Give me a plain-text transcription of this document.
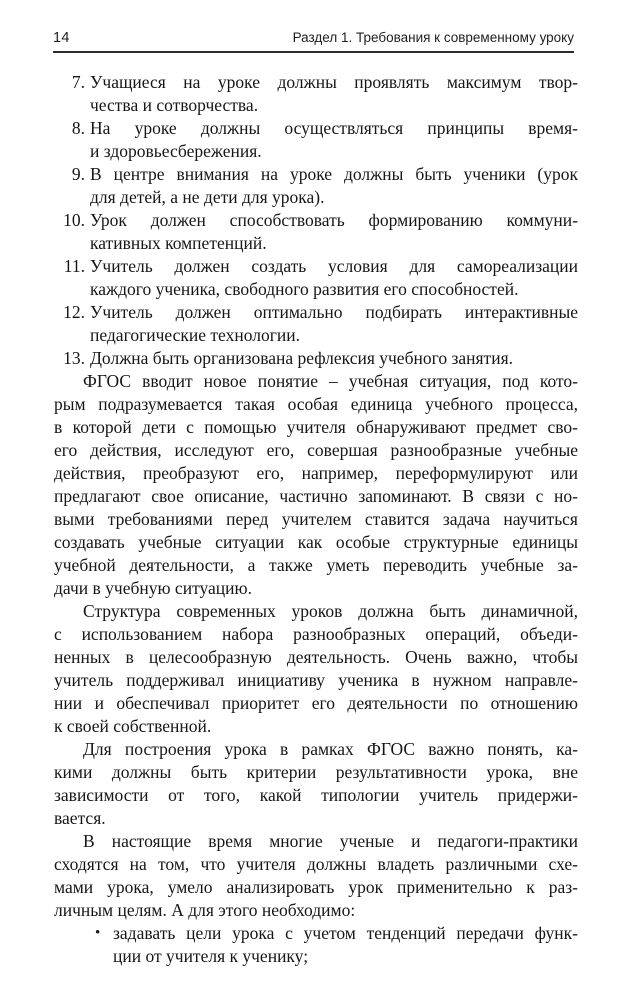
14	Раздел 1. Требования к современному уроку
7. Учащиеся на уроке должны проявлять максимум твор-
чества и сотворчества.
8. На уроке должны осуществляться принципы время-
и здоровьесбережения.
9. В центре внимания на уроке должны быть ученики (урок
для детей, а не дети для урока).
10. Урок должен способствовать формированию коммуни-
кативных компетенций.
11. Учитель должен создать условия для самореализации
каждого ученика, свободного развития его способностей.
12. Учитель должен оптимально подбирать интерактивные
педагогические технологии.
13. Должна быть организована рефлексия учебного занятия.
ФГОС вводит новое понятие – учебная ситуация, под кото-
рым подразумевается такая особая единица учебного процесса,
в которой дети с помощью учителя обнаруживают предмет сво-
его действия, исследуют его, совершая разнообразные учебные
действия, преобразуют его, например, переформулируют или
предлагают свое описание, частично запоминают. В связи с но-
выми требованиями перед учителем ставится задача научиться
создавать учебные ситуации как особые структурные единицы
учебной деятельности, а также уметь переводить учебные за-
дачи в учебную ситуацию.
Структура современных уроков должна быть динамичной,
с использованием набора разнообразных операций, объеди-
ненных в целесообразную деятельность. Очень важно, чтобы
учитель поддерживал инициативу ученика в нужном направле-
нии и обеспечивал приоритет его деятельности по отношению
к своей собственной.
Для построения урока в рамках ФГОС важно понять, ка-
кими должны быть критерии результативности урока, вне
зависимости от того, какой типологии учитель придержи-
вается.
В настоящие время многие ученые и педагоги-практики
сходятся на том, что учителя должны владеть различными схе-
мами урока, умело анализировать урок применительно к раз-
личным целям. А для этого необходимо:
• задавать цели урока с учетом тенденций передачи функ-
ции от учителя к ученику;
